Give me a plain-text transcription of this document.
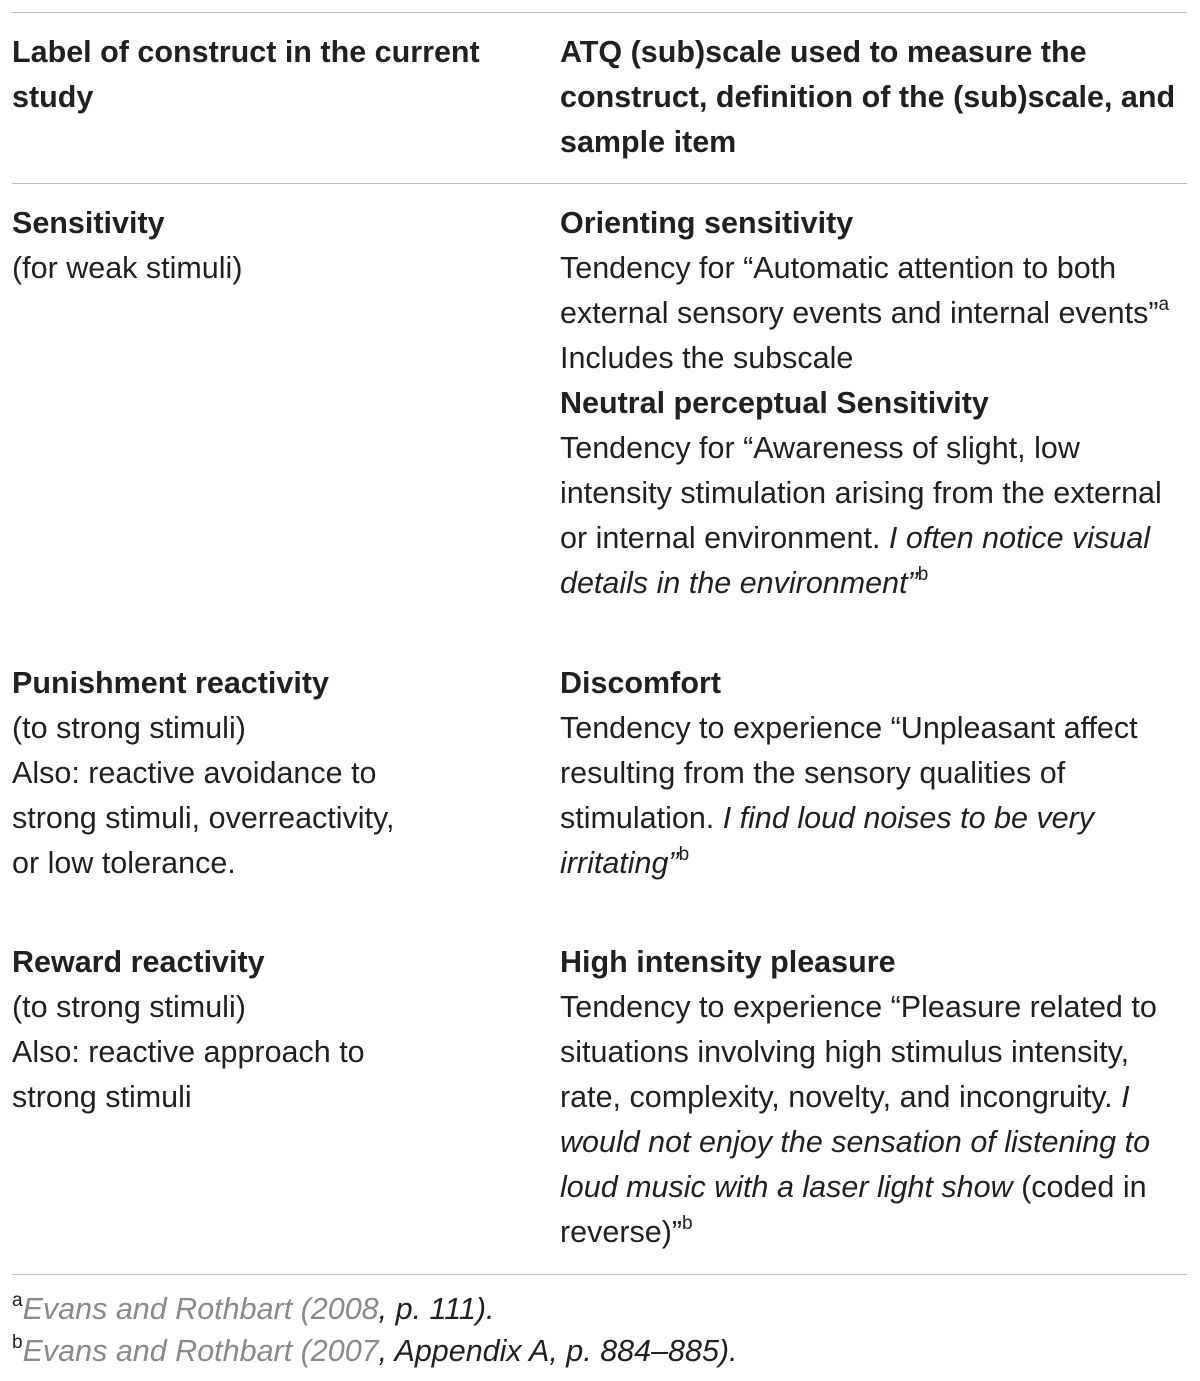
Label of construct in the current study
ATQ (sub)scale used to measure the construct, definition of the (sub)scale, and sample item
Sensitivity
(for weak stimuli)
Orienting sensitivity
Tendency for “Automatic attention to both external sensory events and internal events”$^a$
Includes the subscale
Neutral perceptual Sensitivity
Tendency for “Awareness of slight, low intensity stimulation arising from the external or internal environment. I often notice visual details in the environment”$^b$
Punishment reactivity
(to strong stimuli)
Also: reactive avoidance to strong stimuli, overreactivity, or low tolerance.
Discomfort
Tendency to experience “Unpleasant affect resulting from the sensory qualities of stimulation. I find loud noises to be very irritating”$^b$
Reward reactivity
(to strong stimuli)
Also: reactive approach to strong stimuli
High intensity pleasure
Tendency to experience “Pleasure related to situations involving high stimulus intensity, rate, complexity, novelty, and incongruity. I would not enjoy the sensation of listening to loud music with a laser light show (coded in reverse)”$^b$
$^a$Evans and Rothbart (2008, p. 111).
$^b$Evans and Rothbart (2007, Appendix A, p. 884–885).
